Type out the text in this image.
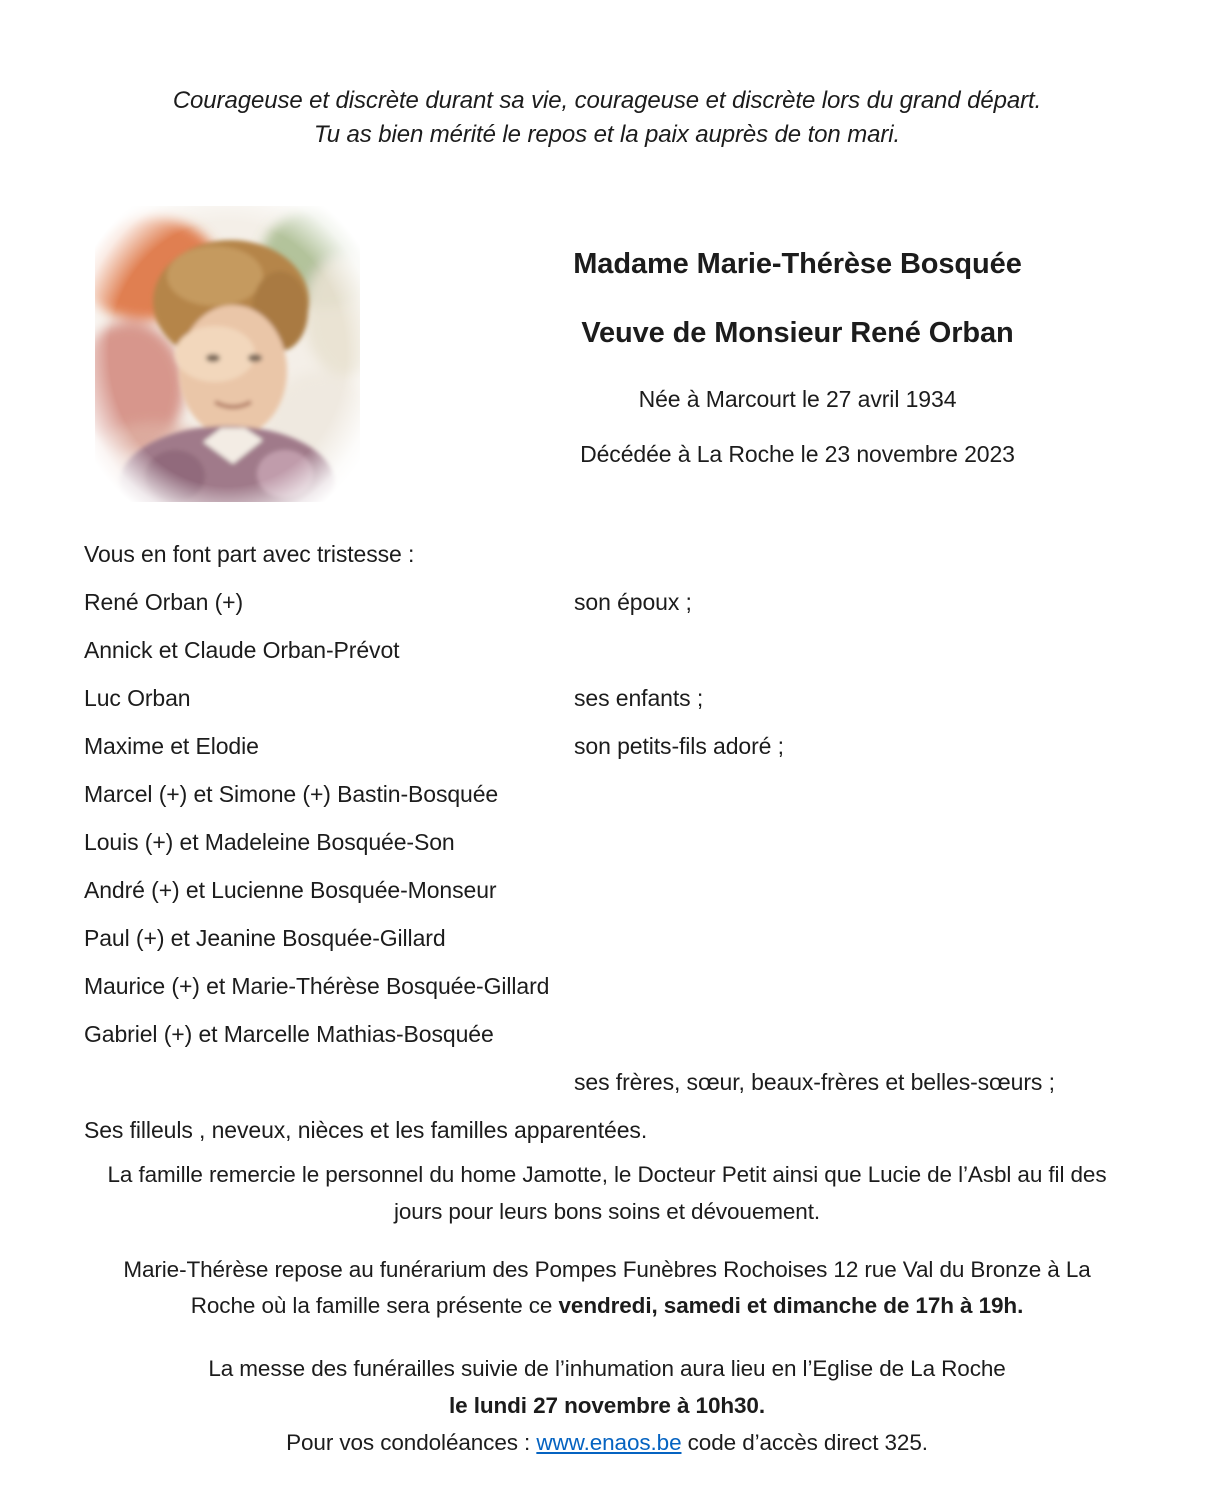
Courageuse et discrète durant sa vie, courageuse et discrète lors du grand départ.
Tu as bien mérité le repos et la paix auprès de ton mari.
Madame Marie-Thérèse Bosquée
Veuve de Monsieur René Orban
Née à Marcourt le 27 avril 1934
Décédée à La Roche le 23 novembre 2023
Vous en font part avec tristesse :
René Orban (+)	son époux ;
Annick et Claude Orban-Prévot
Luc Orban	ses enfants ;
Maxime et Elodie	son petits-fils adoré ;
Marcel (+) et Simone (+) Bastin-Bosquée
Louis (+) et Madeleine Bosquée-Son
André (+) et Lucienne Bosquée-Monseur
Paul (+) et Jeanine Bosquée-Gillard
Maurice (+) et Marie-Thérèse Bosquée-Gillard
Gabriel (+) et Marcelle Mathias-Bosquée
ses frères, sœur, beaux-frères et belles-sœurs ;
Ses filleuls , neveux, nièces et les familles apparentées.
La famille remercie le personnel du home Jamotte, le Docteur Petit ainsi que Lucie de l’Asbl au fil des jours pour leurs bons soins et dévouement.
Marie-Thérèse repose au funérarium des Pompes Funèbres Rochoises 12 rue Val du Bronze à La Roche où la famille sera présente ce vendredi, samedi et dimanche de 17h à 19h.
La messe des funérailles suivie de l’inhumation aura lieu en l’Eglise de La Roche
le lundi 27 novembre à 10h30.
Pour vos condoléances : www.enaos.be code d’accès direct 325.
